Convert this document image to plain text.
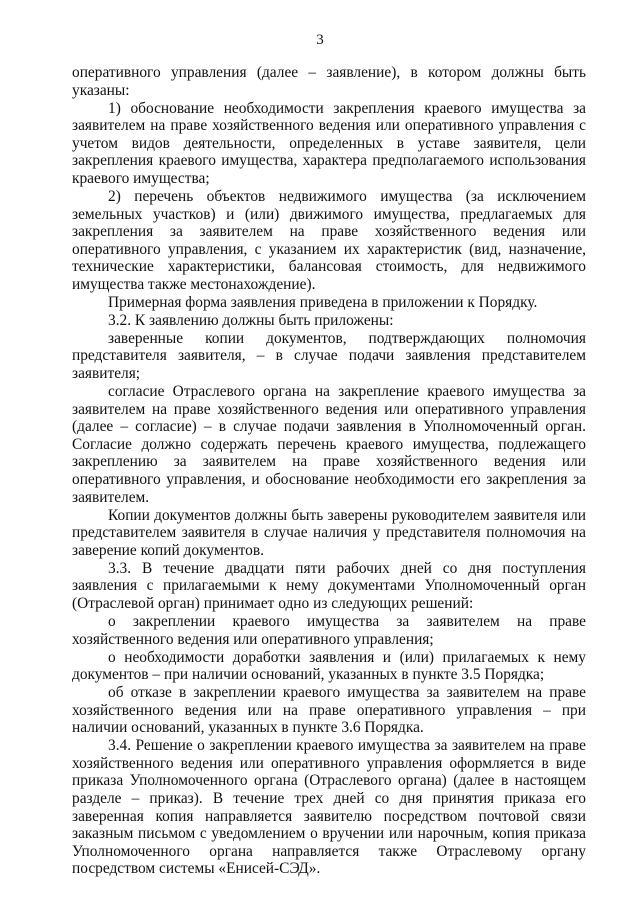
3

оперативного управления (далее – заявление), в котором должны быть указаны:

1) обоснование необходимости закрепления краевого имущества за заявителем на праве хозяйственного ведения или оперативного управления с учетом видов деятельности, определенных в уставе заявителя, цели закрепления краевого имущества, характера предполагаемого использования краевого имущества;

2) перечень объектов недвижимого имущества (за исключением земельных участков) и (или) движимого имущества, предлагаемых для закрепления за заявителем на праве хозяйственного ведения или оперативного управления, с указанием их характеристик (вид, назначение, технические характеристики, балансовая стоимость, для недвижимого имущества также местонахождение).

Примерная форма заявления приведена в приложении к Порядку.

3.2. К заявлению должны быть приложены:

заверенные копии документов, подтверждающих полномочия представителя заявителя, – в случае подачи заявления представителем заявителя;

согласие Отраслевого органа на закрепление краевого имущества за заявителем на праве хозяйственного ведения или оперативного управления (далее – согласие) – в случае подачи заявления в Уполномоченный орган. Согласие должно содержать перечень краевого имущества, подлежащего закреплению за заявителем на праве хозяйственного ведения или оперативного управления, и обоснование необходимости его закрепления за заявителем.

Копии документов должны быть заверены руководителем заявителя или представителем заявителя в случае наличия у представителя полномочия на заверение копий документов.

3.3. В течение двадцати пяти рабочих дней со дня поступления заявления с прилагаемыми к нему документами Уполномоченный орган (Отраслевой орган) принимает одно из следующих решений:

о закреплении краевого имущества за заявителем на праве хозяйственного ведения или оперативного управления;

о необходимости доработки заявления и (или) прилагаемых к нему документов – при наличии оснований, указанных в пункте 3.5 Порядка;

об отказе в закреплении краевого имущества за заявителем на праве хозяйственного ведения или на праве оперативного управления – при наличии оснований, указанных в пункте 3.6 Порядка.

3.4. Решение о закреплении краевого имущества за заявителем на праве хозяйственного ведения или оперативного управления оформляется в виде приказа Уполномоченного органа (Отраслевого органа) (далее в настоящем разделе – приказ). В течение трех дней со дня принятия приказа его заверенная копия направляется заявителю посредством почтовой связи заказным письмом с уведомлением о вручении или нарочным, копия приказа Уполномоченного органа направляется также Отраслевому органу посредством системы «Енисей-СЭД».
